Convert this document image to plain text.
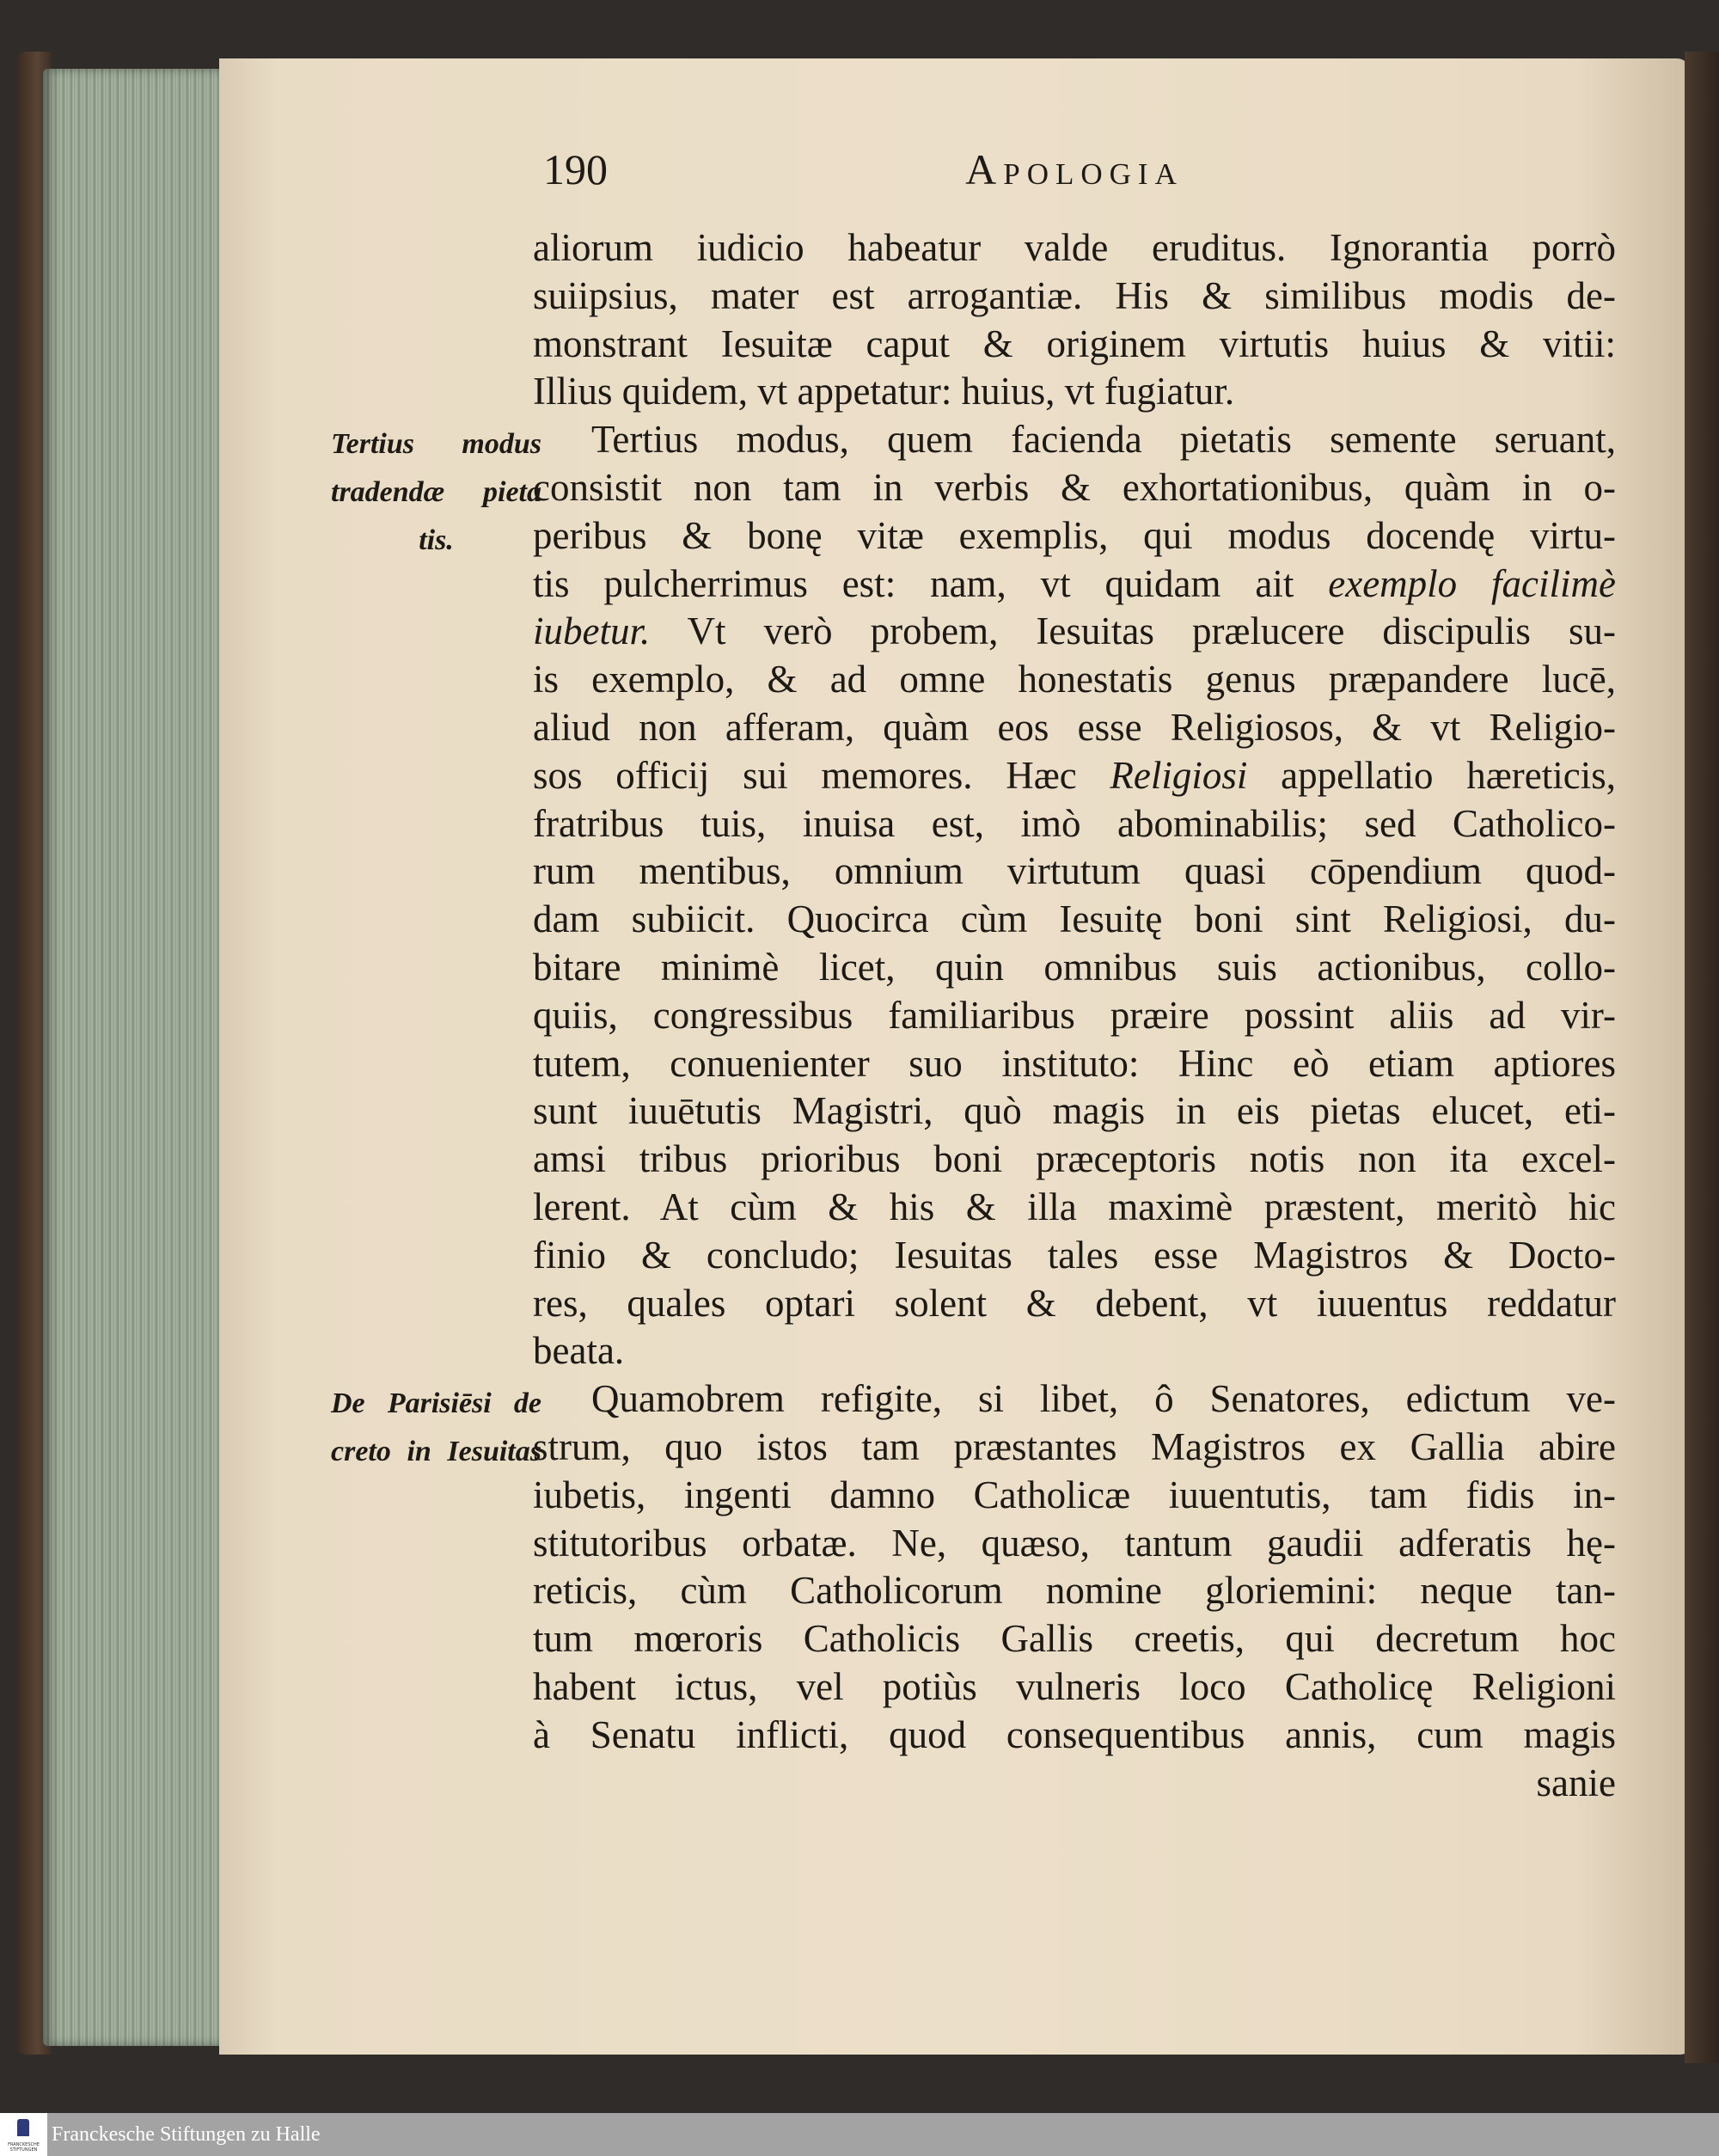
190	Apologia
aliorum iudicio habeatur valde eruditus. Ignorantia porrò
suiipsius, mater est arrogantiæ. His & similibus modis de-
monstrant Iesuitæ caput & originem virtutis huius & vitii:
Illius quidem, vt appetatur: huius, vt fugiatur.
Tertius modus, quem facienda pietatis semente seruant,
consistit non tam in verbis & exhortationibus, quàm in o-
peribus & bonę vitæ exemplis, qui modus docendę virtu-
tis pulcherrimus est: nam, vt quidam ait exemplo facilimè
iubetur. Vt verò probem, Iesuitas prælucere discipulis su-
is exemplo, & ad omne honestatis genus præpandere lucē,
aliud non afferam, quàm eos esse Religiosos, & vt Religio-
sos officij sui memores. Hæc Religiosi appellatio hæreticis,
fratribus tuis, inuisa est, imò abominabilis; sed Catholico-
rum mentibus, omnium virtutum quasi cōpendium quod-
dam subiicit. Quocirca cùm Iesuitę boni sint Religiosi, du-
bitare minimè licet, quin omnibus suis actionibus, collo-
quiis, congressibus familiaribus præire possint aliis ad vir-
tutem, conuenienter suo instituto: Hinc eò etiam aptiores
sunt iuuētutis Magistri, quò magis in eis pietas elucet, eti-
amsi tribus prioribus boni præceptoris notis non ita excel-
lerent. At cùm & his & illa maximè præstent, meritò hic
finio & concludo; Iesuitas tales esse Magistros & Docto-
res, quales optari solent & debent, vt iuuentus reddatur
beata.
Quamobrem refigite, si libet, ô Senatores, edictum ve-
strum, quo istos tam præstantes Magistros ex Gallia abire
iubetis, ingenti damno Catholicæ iuuentutis, tam fidis in-
stitutoribus orbatæ. Ne, quæso, tantum gaudii adferatis hę-
reticis, cùm Catholicorum nomine gloriemini: neque tan-
tum mœroris Catholicis Gallis creetis, qui decretum hoc
habent ictus, vel potiùs vulneris loco Catholicę Religioni
à Senatu inflicti, quod consequentibus annis, cum magis
sanie
Tertius modus
tradendæ pieta
tis.
De Parisiēsi de
creto in Iesuitas
FRANCKESCHE STIFTUNGEN
Franckesche Stiftungen zu Halle
